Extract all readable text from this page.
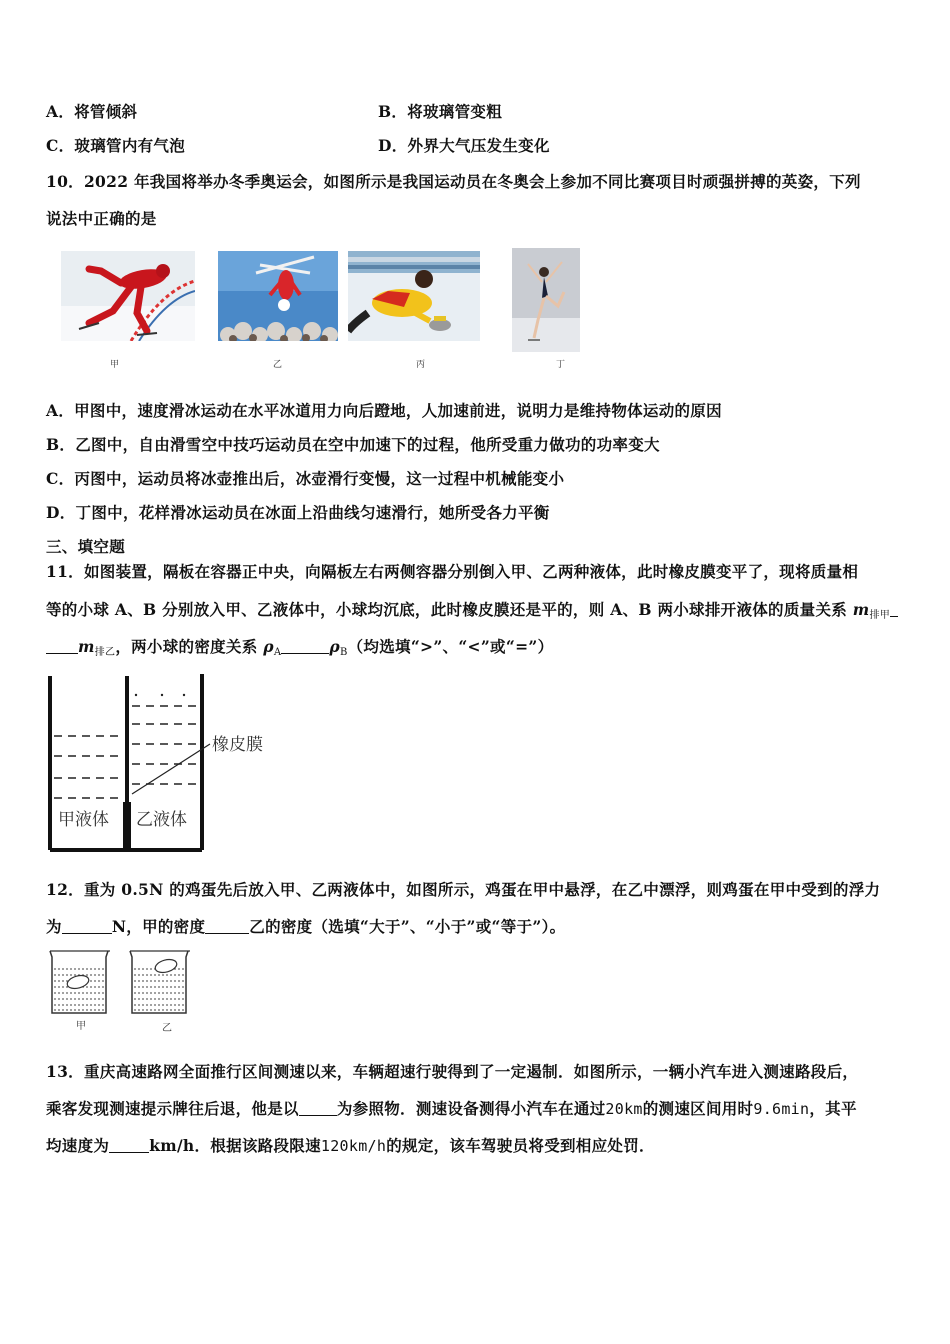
A．将管倾斜	B．将玻璃管变粗
C．玻璃管内有气泡	D．外界大气压发生变化
10．2022 年我国将举办冬季奥运会，如图所示是我国运动员在冬奥会上参加不同比赛项目时顽强拼搏的英姿，下列
说法中正确的是
甲	乙	丙	丁
A．甲图中，速度滑冰运动在水平冰道用力向后蹬地，人加速前进，说明力是维持物体运动的原因
B．乙图中，自由滑雪空中技巧运动员在空中加速下的过程，他所受重力做功的功率变大
C．丙图中，运动员将冰壶推出后，冰壶滑行变慢，这一过程中机械能变小
D．丁图中，花样滑冰运动员在冰面上沿曲线匀速滑行，她所受各力平衡
三、填空题
11．如图装置，隔板在容器正中央，向隔板左右两侧容器分别倒入甲、乙两种液体，此时橡皮膜变平了，现将质量相
等的小球 A、B 分别放入甲、乙液体中，小球均沉底，此时橡皮膜还是平的，则 A、B 两小球排开液体的质量关系 $m_{排甲}$
$m_{排乙}$，两小球的密度关系 $\rho_A$	$\rho_B$（均选填“>”、“<”或“=”）
橡皮膜
甲液体 乙液体
12．重为 0.5N 的鸡蛋先后放入甲、乙两液体中，如图所示，鸡蛋在甲中悬浮，在乙中漂浮，则鸡蛋在甲中受到的浮力
为	N，甲的密度	乙的密度（选填“大于”、“小于”或“等于”）。
甲	乙
13．重庆高速路网全面推行区间测速以来，车辆超速行驶得到了一定遏制．如图所示，一辆小汽车进入测速路段后，
乘客发现测速提示牌往后退，他是以 为参照物．测速设备测得小汽车在通过20km的测速区间用时9.6min，其平
均速度为	km/h．根据该路段限速120km/h的规定，该车驾驶员将受到相应处罚．
